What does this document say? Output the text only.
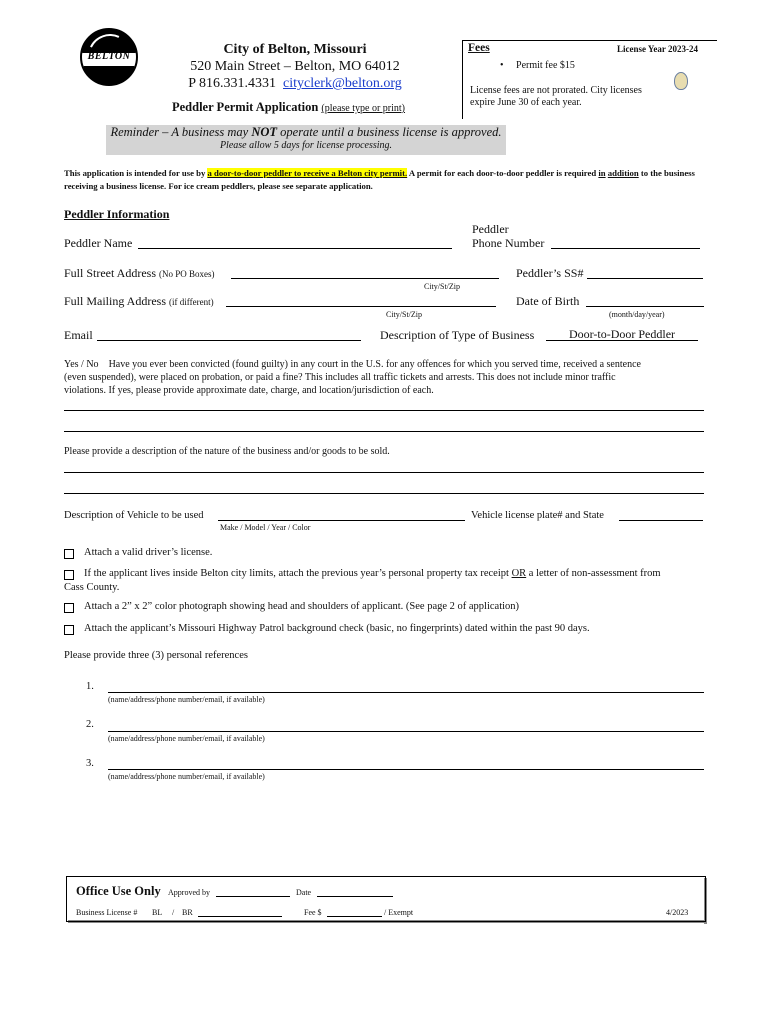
BELTON	City of Belton, Missouri
520 Main Street – Belton, MO 64012
P 816.331.4331 cityclerk@belton.org
Peddler Permit Application (please type or print)
Fees	License Year 2023-24
•     Permit fee $15
License fees are not prorated. City licenses
expire June 30 of each year.
Reminder – A business may NOT operate until a business license is approved.
Please allow 5 days for license processing.
This application is intended for use by a door-to-door peddler to receive a Belton city permit. A permit for each door-to-door peddler is required in addition to the business receiving a business license. For ice cream peddlers, please see separate application.
Peddler Information
Peddler Name
Peddler
Phone Number
Full Street Address (No PO Boxes)
City/St/Zip
Peddler’s SS#
Full Mailing Address (if different)
City/St/Zip
Date of Birth
(month/day/year)
Email	Description of Type of Business	Door-to-Door Peddler
Yes / No Have you ever been convicted (found guilty) in any court in the U.S. for any offences for which you served time, received a sentence
(even suspended), were placed on probation, or paid a fine? This includes all traffic tickets and arrests. This does not include minor traffic
violations. If yes, please provide approximate date, charge, and location/jurisdiction of each.
Please provide a description of the nature of the business and/or goods to be sold.
Description of Vehicle to be used
Make / Model / Year / Color
Vehicle license plate# and State
Attach a valid driver’s license.
If the applicant lives inside Belton city limits, attach the previous year’s personal property tax receipt OR a letter of non-assessment from
Cass County.
Attach a 2” x 2” color photograph showing head and shoulders of applicant. (See page 2 of application)
Attach the applicant’s Missouri Highway Patrol background check (basic, no fingerprints) dated within the past 90 days.
Please provide three (3) personal references
1.
(name/address/phone number/email, if available)
2.
(name/address/phone number/email, if available)
3.
(name/address/phone number/email, if available)
Office Use Only Approved by	Date
Business License # BL / BR	Fee $	/ Exempt	4/2023
